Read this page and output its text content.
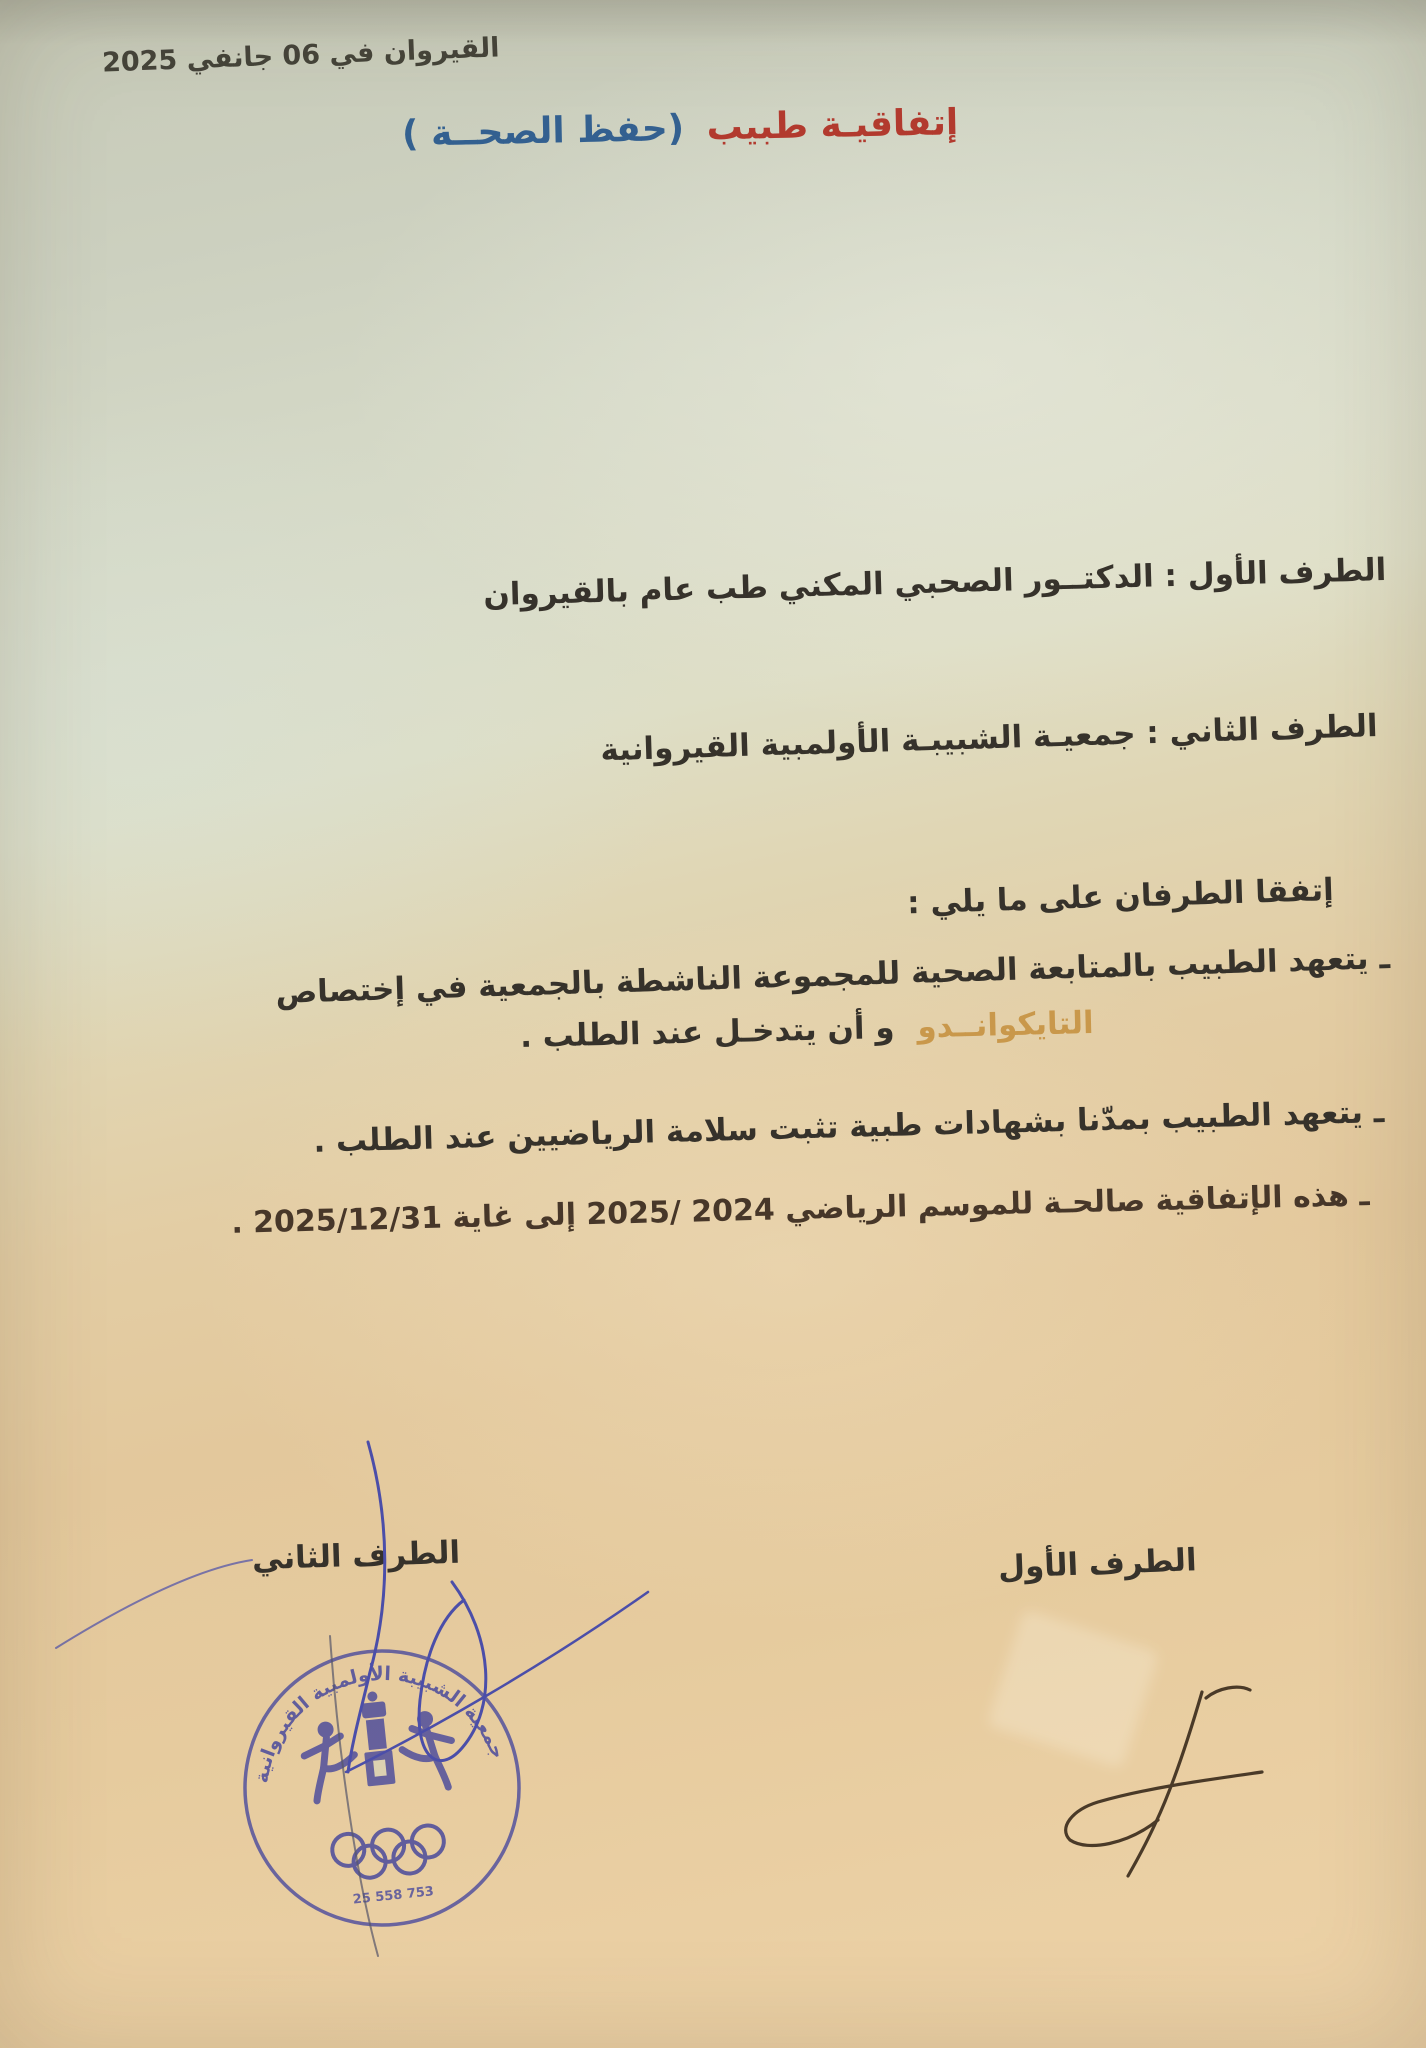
القيروان في 06 جانفي 2025
إتفاقيـة طبيب (حفظ الصحــة )
الطرف الأول : الدكتــور الصحبي المكني طب عام بالقيروان
الطرف الثاني : جمعيـة الشبيبـة الأولمبية القيروانية
إتفقا الطرفان على ما يلي :
ـ يتعهد الطبيب بالمتابعة الصحية للمجموعة الناشطة بالجمعية في إختصاص
التايكوانــدو و أن يتدخـل عند الطلب .
ـ يتعهد الطبيب بمدّنا بشهادات طبية تثبت سلامة الرياضيين عند الطلب .
ـ هذه الإتفاقية صالحـة للموسم الرياضي 2024 /2025 إلى غاية 2025/12/31 .
الطرف الأول
الطرف الثاني
جمعية الشبيبة الأولمبية القيروانية
25 558 753
